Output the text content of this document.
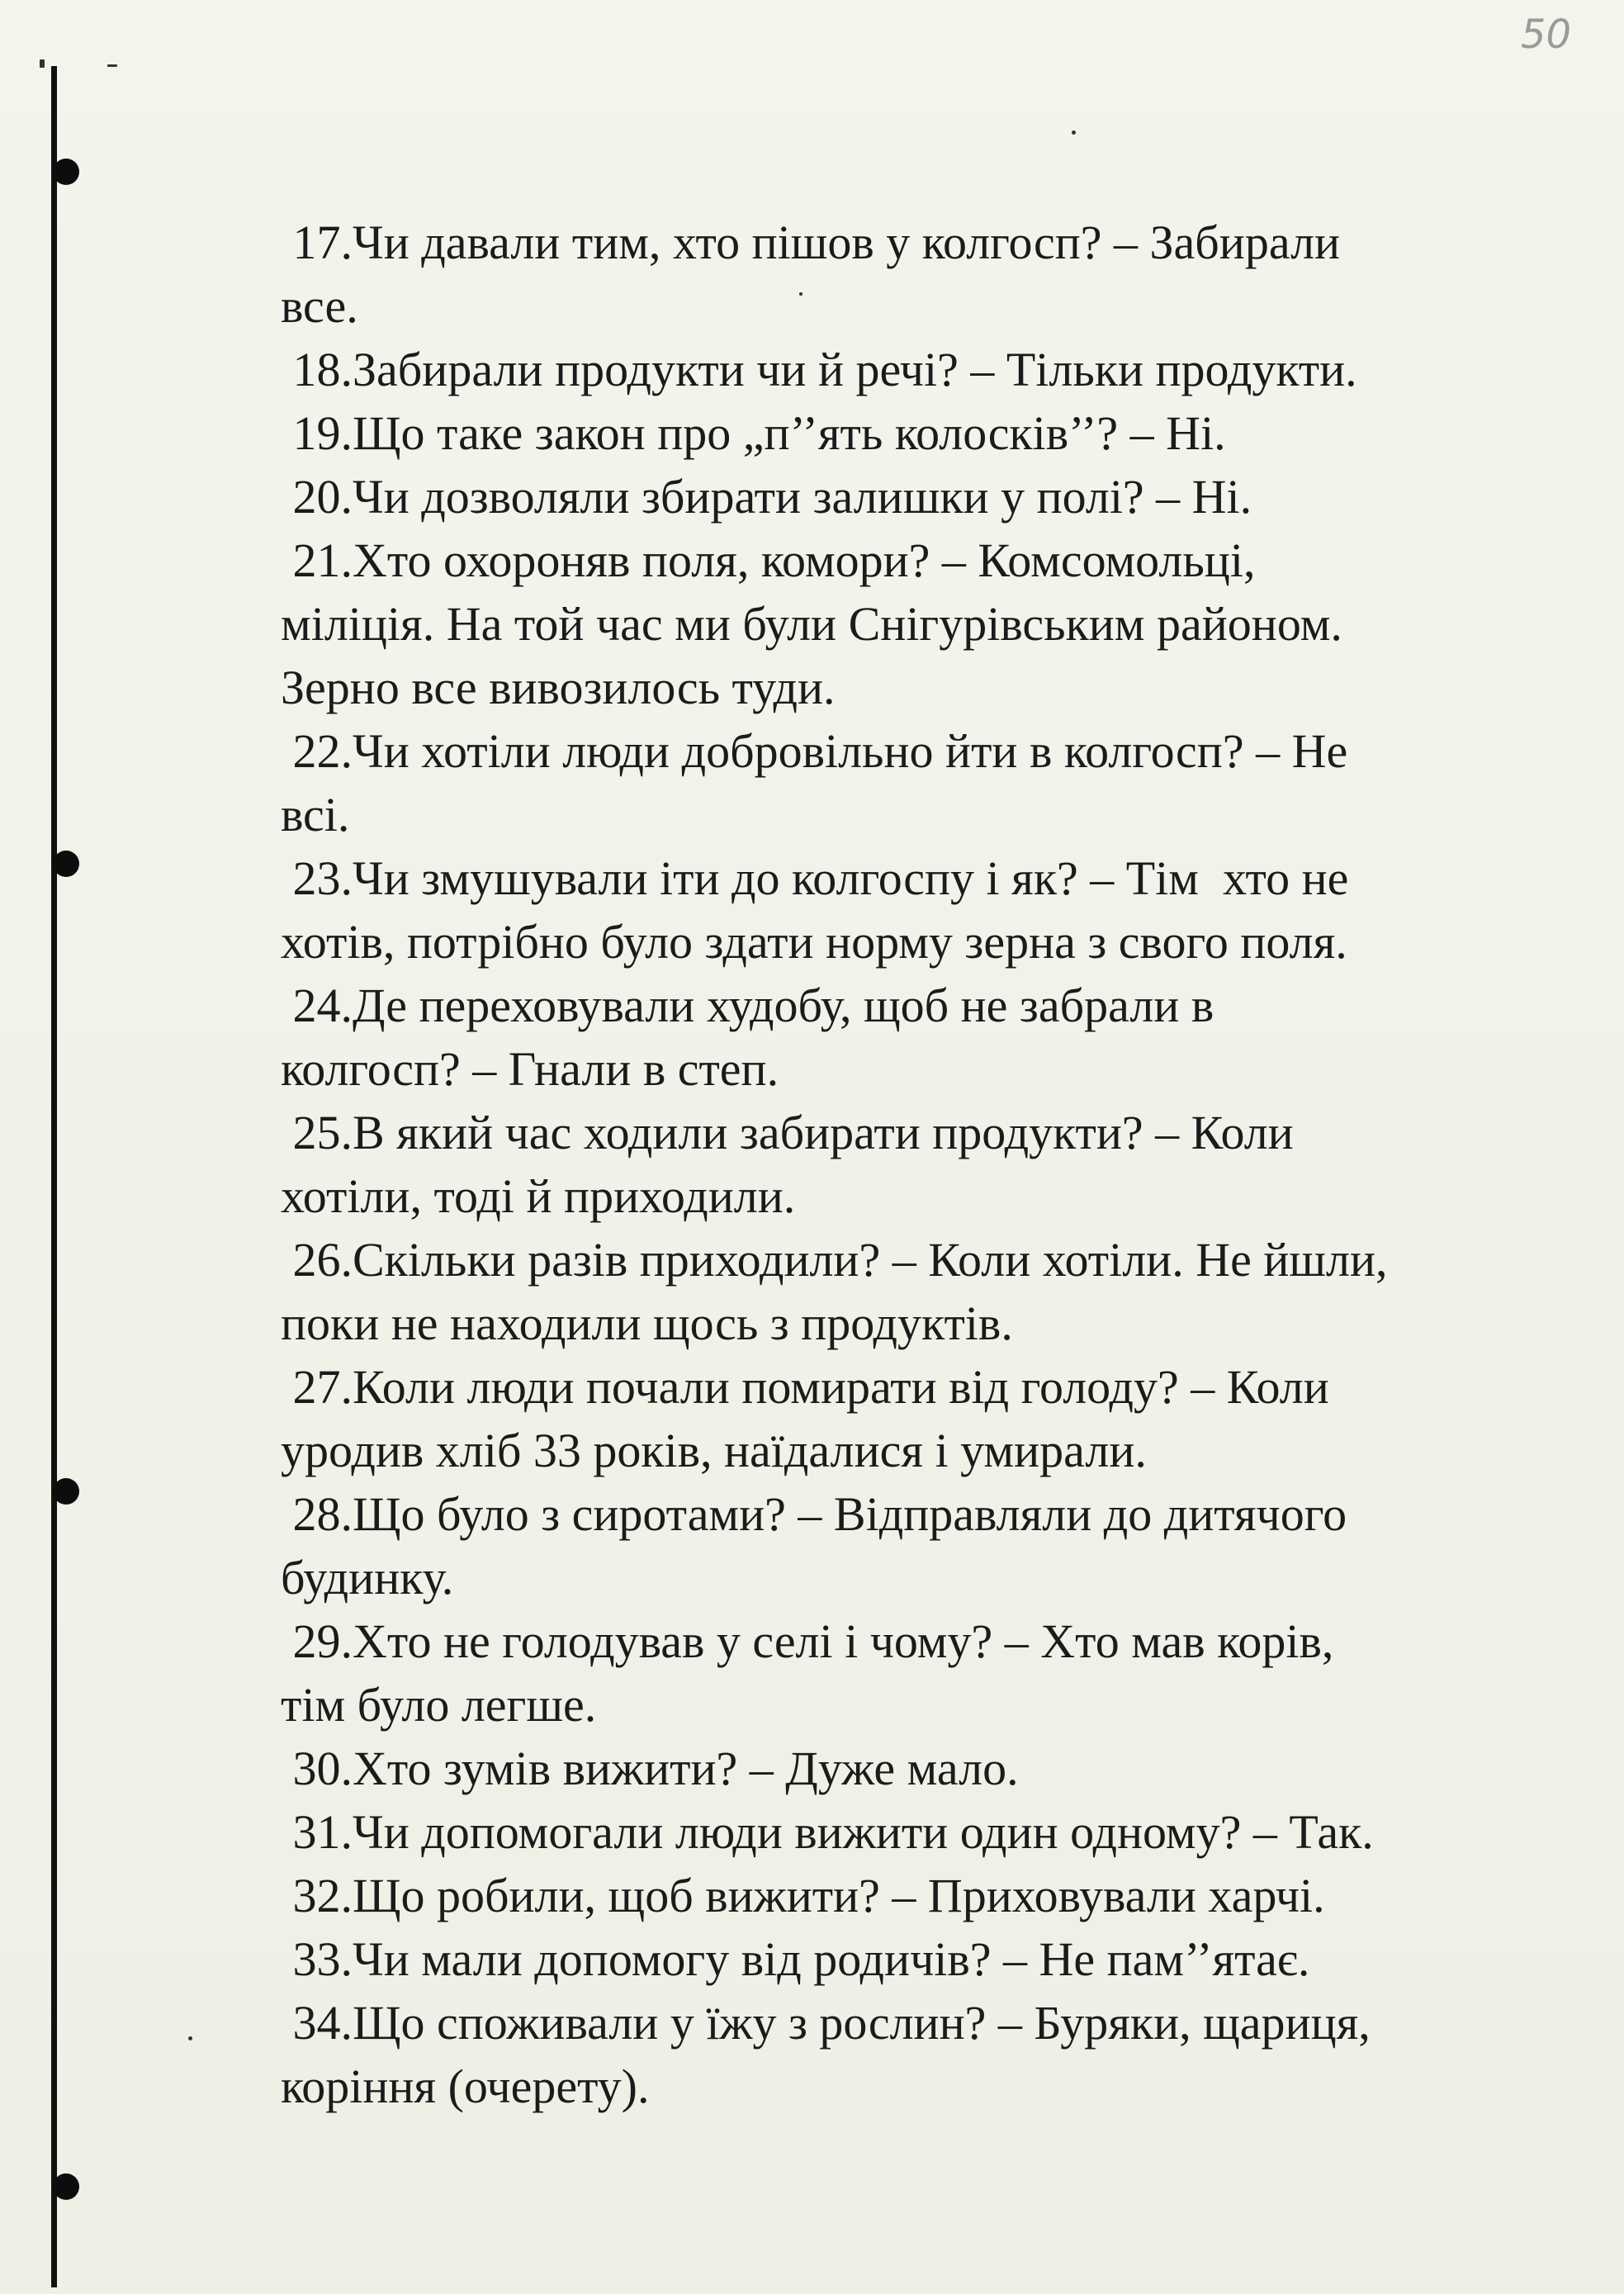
50
17.Чи давали тим, хто пішов у колгосп? – Забирали
все.
18.Забирали продукти чи й речі? – Тільки продукти.
19.Що таке закон про „п’’ять колосків’’? – Ні.
20.Чи дозволяли збирати залишки у полі? – Ні.
21.Хто охороняв поля, комори? – Комсомольці,
міліція. На той час ми були Снігурівським районом.
Зерно все вивозилось туди.
22.Чи хотіли люди добровільно йти в колгосп? – Не
всі.
23.Чи змушували іти до колгоспу і як? – Тім  хто не
хотів, потрібно було здати норму зерна з свого поля.
24.Де переховували худобу, щоб не забрали в
колгосп? – Гнали в степ.
25.В який час ходили забирати продукти? – Коли
хотіли, тоді й приходили.
26.Скільки разів приходили? – Коли хотіли. Не йшли,
поки не находили щось з продуктів.
27.Коли люди почали помирати від голоду? – Коли
уродив хліб 33 років, наїдалися і умирали.
28.Що було з сиротами? – Відправляли до дитячого
будинку.
29.Хто не голодував у селі і чому? – Хто мав корів,
тім було легше.
30.Хто зумів вижити? – Дуже мало.
31.Чи допомогали люди вижити один одному? – Так.
32.Що робили, щоб вижити? – Приховували харчі.
33.Чи мали допомогу від родичів? – Не пам’’ятає.
34.Що споживали у їжу з рослин? – Буряки, щариця,
коріння (очерету).
